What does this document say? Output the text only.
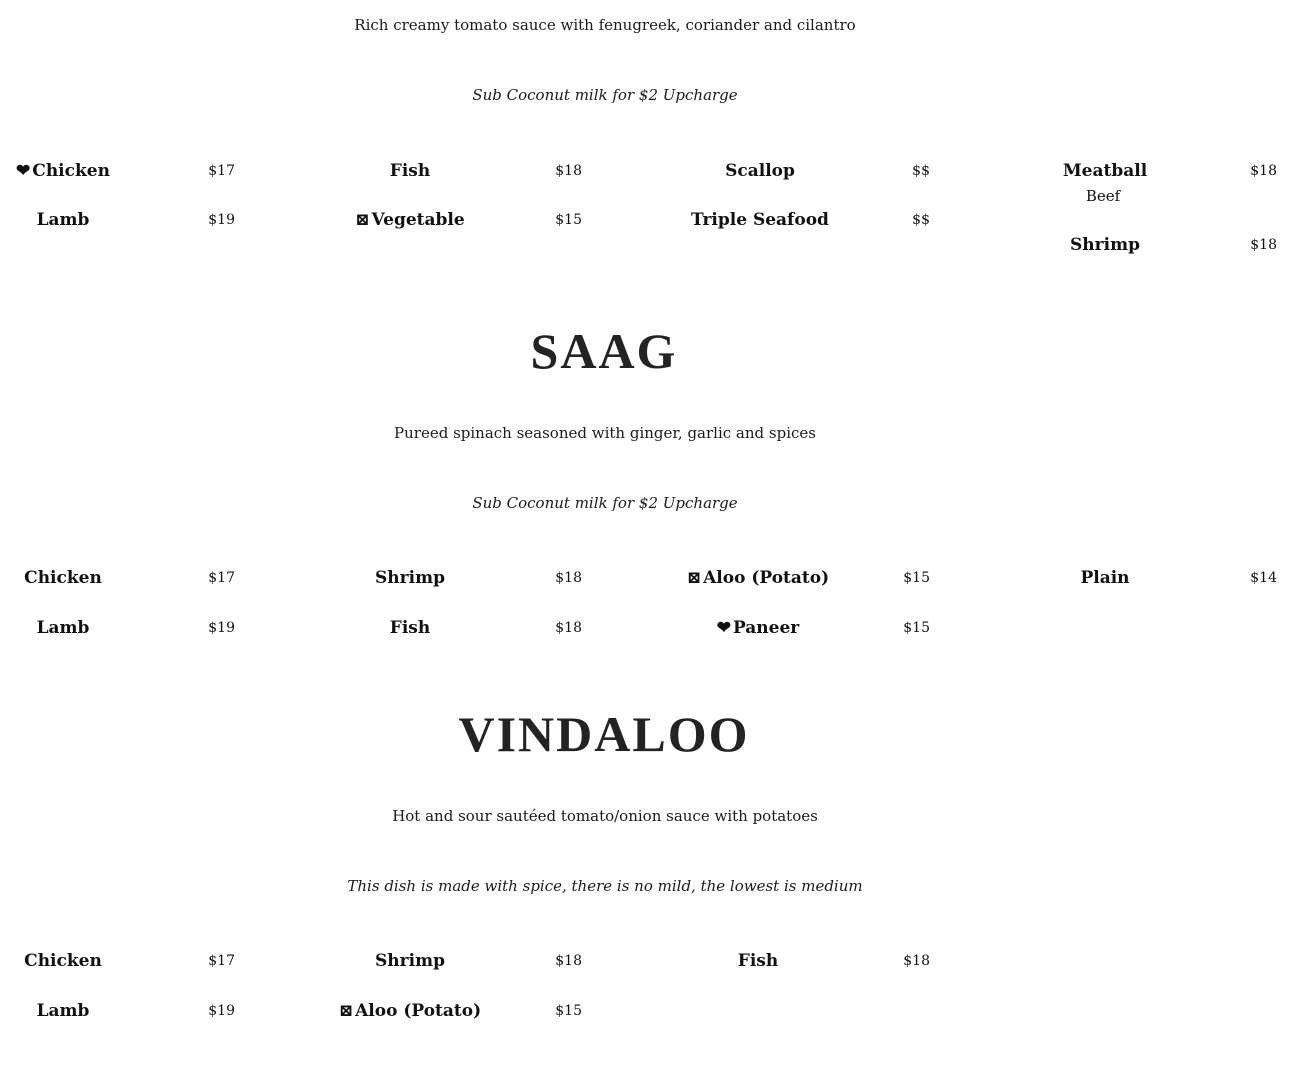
Rich creamy tomato sauce with fenugreek, coriander and cilantro
Sub Coconut milk for $2 Upcharge
❤ Chicken	$17
Lamb	$19
Fish	$18
⊠ Vegetable	$15
Scallop	$$
Triple Seafood	$$
Meatball	$18
Beef
Shrimp	$18
SAAG
Pureed spinach seasoned with ginger, garlic and spices
Sub Coconut milk for $2 Upcharge
Chicken	$17
Lamb	$19
Shrimp	$18
Fish	$18
⊠ Aloo (Potato)	$15
❤ Paneer	$15
Plain	$14
VINDALOO
Hot and sour sautéed tomato/onion sauce with potatoes
This dish is made with spice, there is no mild, the lowest is medium
Chicken	$17
Lamb	$19
Shrimp	$18
⊠ Aloo (Potato)	$15
Fish	$18
